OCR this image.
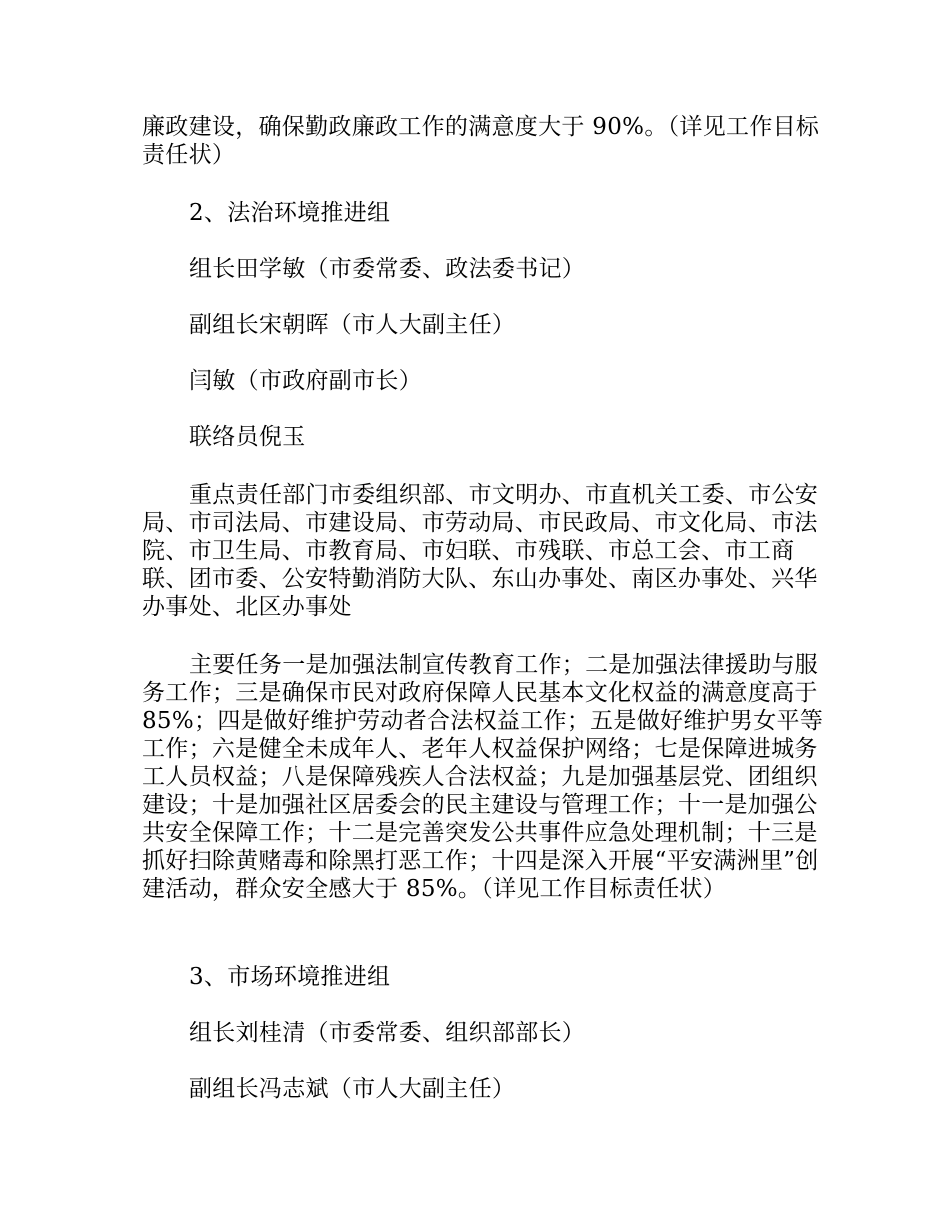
廉政建设，确保勤政廉政工作的满意度大于 90%。（详见工作目标责任状）

2、法治环境推进组

组长田学敏（市委常委、政法委书记）

副组长宋朝晖（市人大副主任）

闫敏（市政府副市长）

联络员倪玉

重点责任部门市委组织部、市文明办、市直机关工委、市公安局、市司法局、市建设局、市劳动局、市民政局、市文化局、市法院、市卫生局、市教育局、市妇联、市残联、市总工会、市工商联、团市委、公安特勤消防大队、东山办事处、南区办事处、兴华办事处、北区办事处

主要任务一是加强法制宣传教育工作；二是加强法律援助与服务工作；三是确保市民对政府保障人民基本文化权益的满意度高于 85%；四是做好维护劳动者合法权益工作；五是做好维护男女平等工作；六是健全未成年人、老年人权益保护网络；七是保障进城务工人员权益；八是保障残疾人合法权益；九是加强基层党、团组织建设；十是加强社区居委会的民主建设与管理工作；十一是加强公共安全保障工作；十二是完善突发公共事件应急处理机制；十三是抓好扫除黄赌毒和除黑打恶工作；十四是深入开展“平安满洲里”创建活动，群众安全感大于 85%。（详见工作目标责任状）

3、市场环境推进组

组长刘桂清（市委常委、组织部部长）

副组长冯志斌（市人大副主任）
